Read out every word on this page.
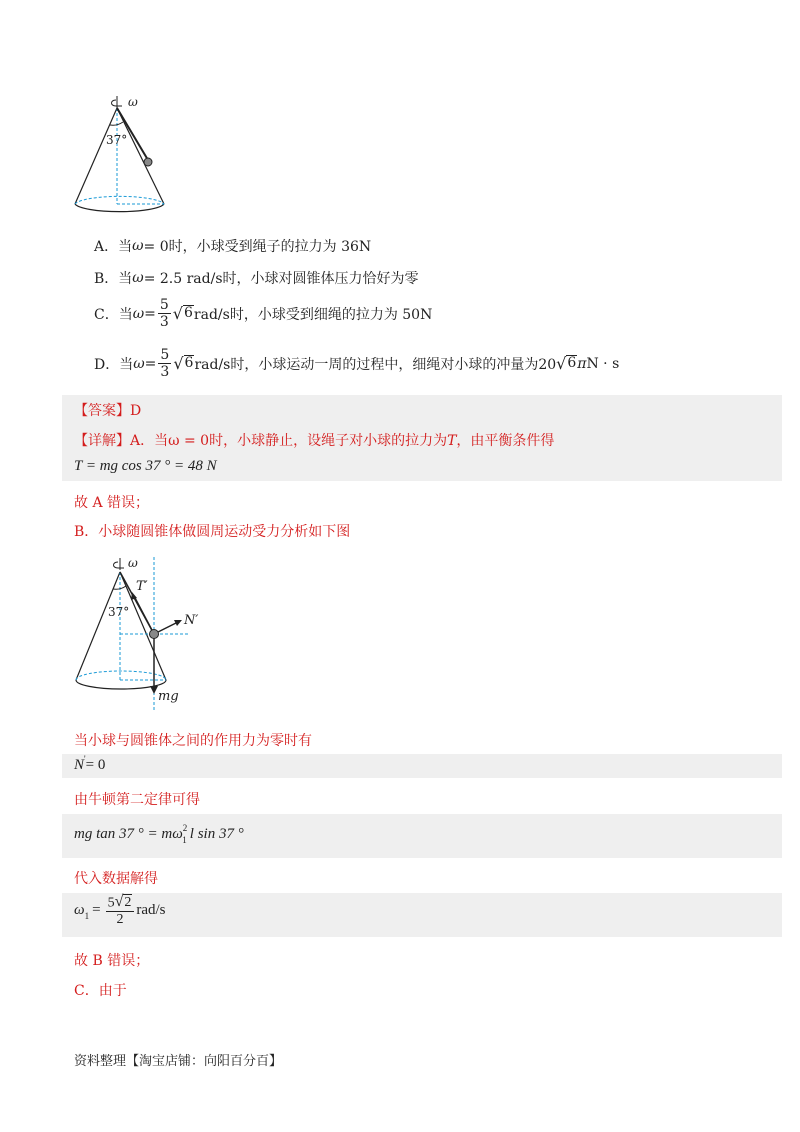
ω
37°
A．当 ω = 0时，小球受到绳子的拉力为 36N
B．当 ω = 2.5 rad/s时，小球对圆锥体压力恰好为零
C．当 $\omega = \frac{5}{3}$ √ 6 rad/s时，小球受到细绳的拉力为 50N
D．当 $\omega = \frac{5}{3}$ √ 6 rad/s时，小球运动一周的过程中，细绳对小球的冲量为20 √ 6 π N · s
【答案】D
【详解】A．当ω = 0时，小球静止，设绳子对小球的拉力为T，由平衡条件得
T = mg cos 37 ° = 48 N
故 A 错误；
B．小球随圆锥体做圆周运动受力分析如下图
ω
37°
T′
N′
mg
当小球与圆锥体之间的作用力为零时有
N ' = 0
由牛顿第二定律可得
mg tan 37 ° = mω 2
1 l sin 37 °
代入数据解得
ω $1 = \frac{5 √ 2}{2} rad/s$
故 B 错误；
C．由于
资料整理【淘宝店铺：向阳百分百】
